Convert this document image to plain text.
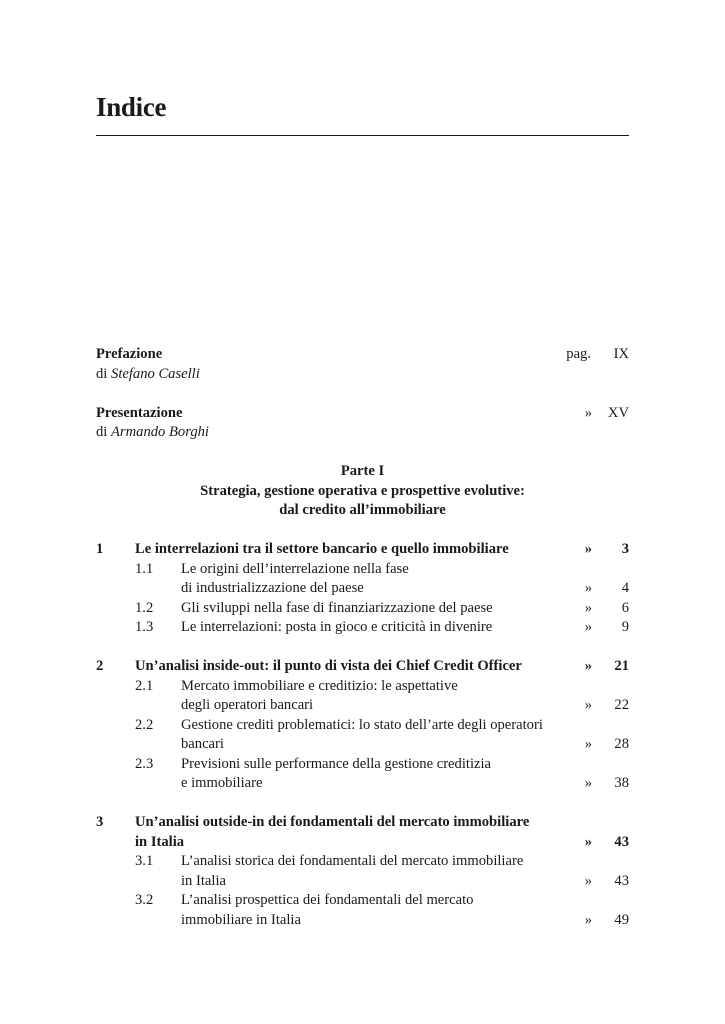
Indice
Prefazione	pag. IX
di Stefano Caselli
Presentazione	» XV
di Armando Borghi
Parte I
Strategia, gestione operativa e prospettive evolutive:
dal credito all’immobiliare
1 Le interrelazioni tra il settore bancario e quello immobiliare	» 3
1.1 Le origini dell’interrelazione nella fase
di industrializzazione del paese	» 4
1.2 Gli sviluppi nella fase di finanziarizzazione del paese	» 6
1.3 Le interrelazioni: posta in gioco e criticità in divenire	» 9
2 Un’analisi inside-out: il punto di vista dei Chief Credit Officer	» 21
2.1 Mercato immobiliare e creditizio: le aspettative
degli operatori bancari	» 22
2.2 Gestione crediti problematici: lo stato dell’arte degli operatori
bancari	» 28
2.3 Previsioni sulle performance della gestione creditizia
e immobiliare	» 38
3 Un’analisi outside-in dei fondamentali del mercato immobiliare
in Italia	» 43
3.1 L’analisi storica dei fondamentali del mercato immobiliare
in Italia	» 43
3.2 L’analisi prospettica dei fondamentali del mercato
immobiliare in Italia	» 49
